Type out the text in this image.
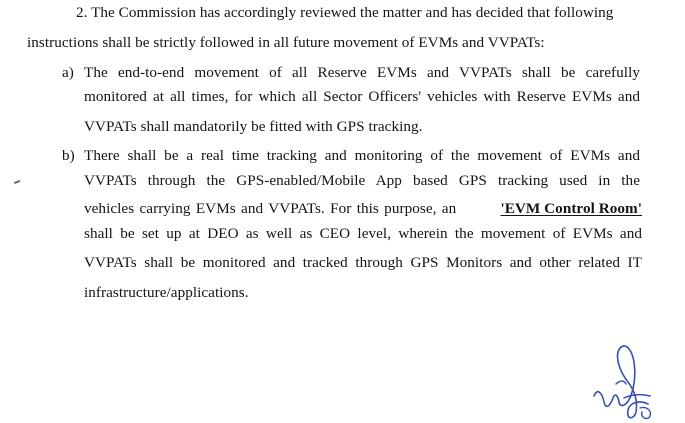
2. The Commission has accordingly reviewed the matter and has decided that following
instructions shall be strictly followed in all future movement of EVMs and VVPATs:
a) The end-to-end movement of all Reserve EVMs and VVPATs shall be carefully
monitored at all times, for which all Sector Officers' vehicles with Reserve EVMs and
VVPATs shall mandatorily be fitted with GPS tracking.
b) There shall be a real time tracking and monitoring of the movement of EVMs and
VVPATs through the GPS-enabled/Mobile App based GPS tracking used in the
vehicles carrying EVMs and VVPATs. For this purpose, an	'EVM Control Room'
shall be set up at DEO as well as CEO level, wherein the movement of EVMs and
VVPATs shall be monitored and tracked through GPS Monitors and other related IT
infrastructure/applications.
